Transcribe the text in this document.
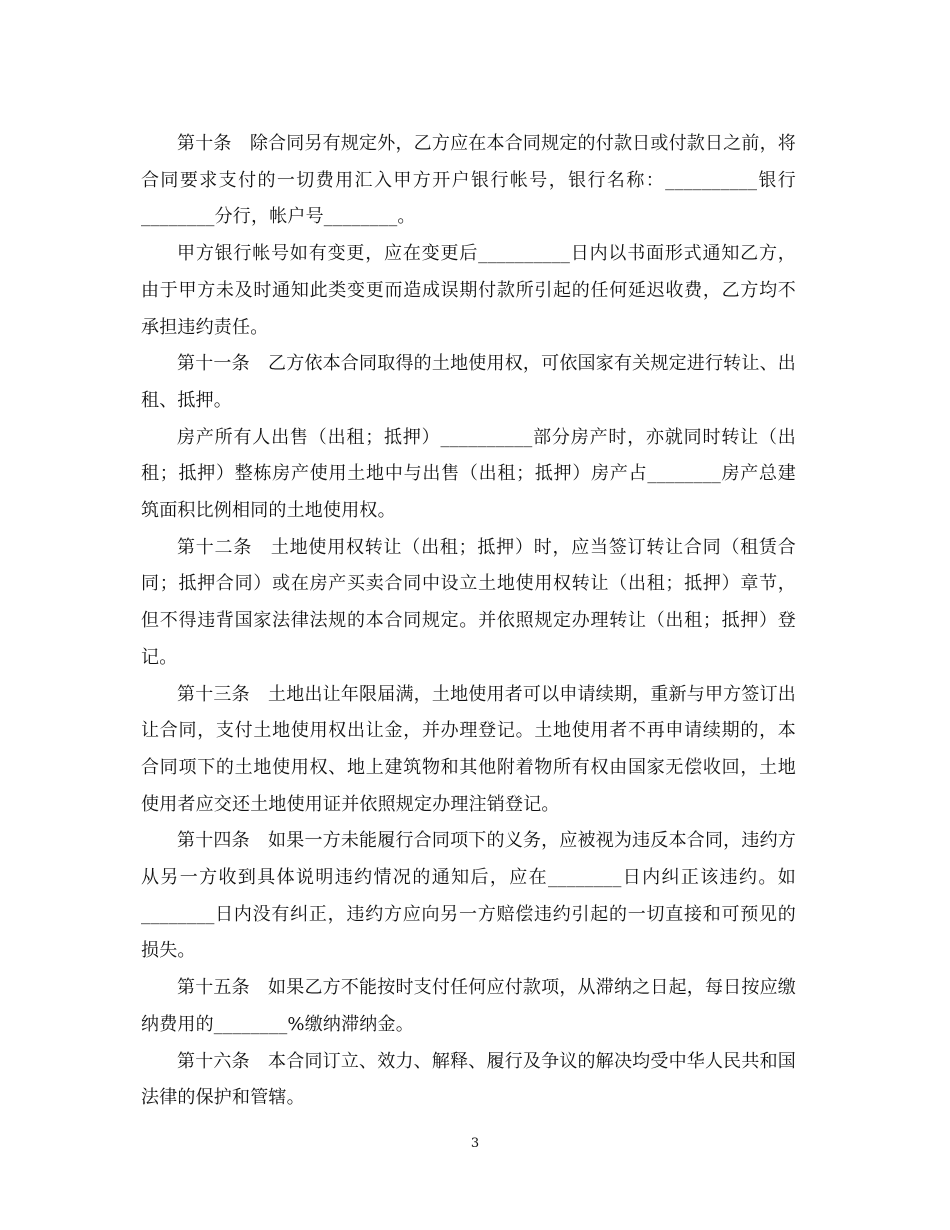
第十条　除合同另有规定外，乙方应在本合同规定的付款日或付款日之前，将合同要求支付的一切费用汇入甲方开户银行帐号，银行名称：__________银行________分行，帐户号________。

甲方银行帐号如有变更，应在变更后__________日内以书面形式通知乙方，由于甲方未及时通知此类变更而造成误期付款所引起的任何延迟收费，乙方均不承担违约责任。

第十一条　乙方依本合同取得的土地使用权，可依国家有关规定进行转让、出租、抵押。

房产所有人出售（出租；抵押）__________部分房产时，亦就同时转让（出租；抵押）整栋房产使用土地中与出售（出租；抵押）房产占________房产总建筑面积比例相同的土地使用权。

第十二条　土地使用权转让（出租；抵押）时，应当签订转让合同（租赁合同；抵押合同）或在房产买卖合同中设立土地使用权转让（出租；抵押）章节，但不得违背国家法律法规的本合同规定。并依照规定办理转让（出租；抵押）登记。

第十三条　土地出让年限届满，土地使用者可以申请续期，重新与甲方签订出让合同，支付土地使用权出让金，并办理登记。土地使用者不再申请续期的，本合同项下的土地使用权、地上建筑物和其他附着物所有权由国家无偿收回，土地使用者应交还土地使用证并依照规定办理注销登记。

第十四条　如果一方未能履行合同项下的义务，应被视为违反本合同，违约方从另一方收到具体说明违约情况的通知后，应在________日内纠正该违约。如________日内没有纠正，违约方应向另一方赔偿违约引起的一切直接和可预见的损失。

第十五条　如果乙方不能按时支付任何应付款项，从滞纳之日起，每日按应缴纳费用的________%缴纳滞纳金。

第十六条　本合同订立、效力、解释、履行及争议的解决均受中华人民共和国法律的保护和管辖。

3
